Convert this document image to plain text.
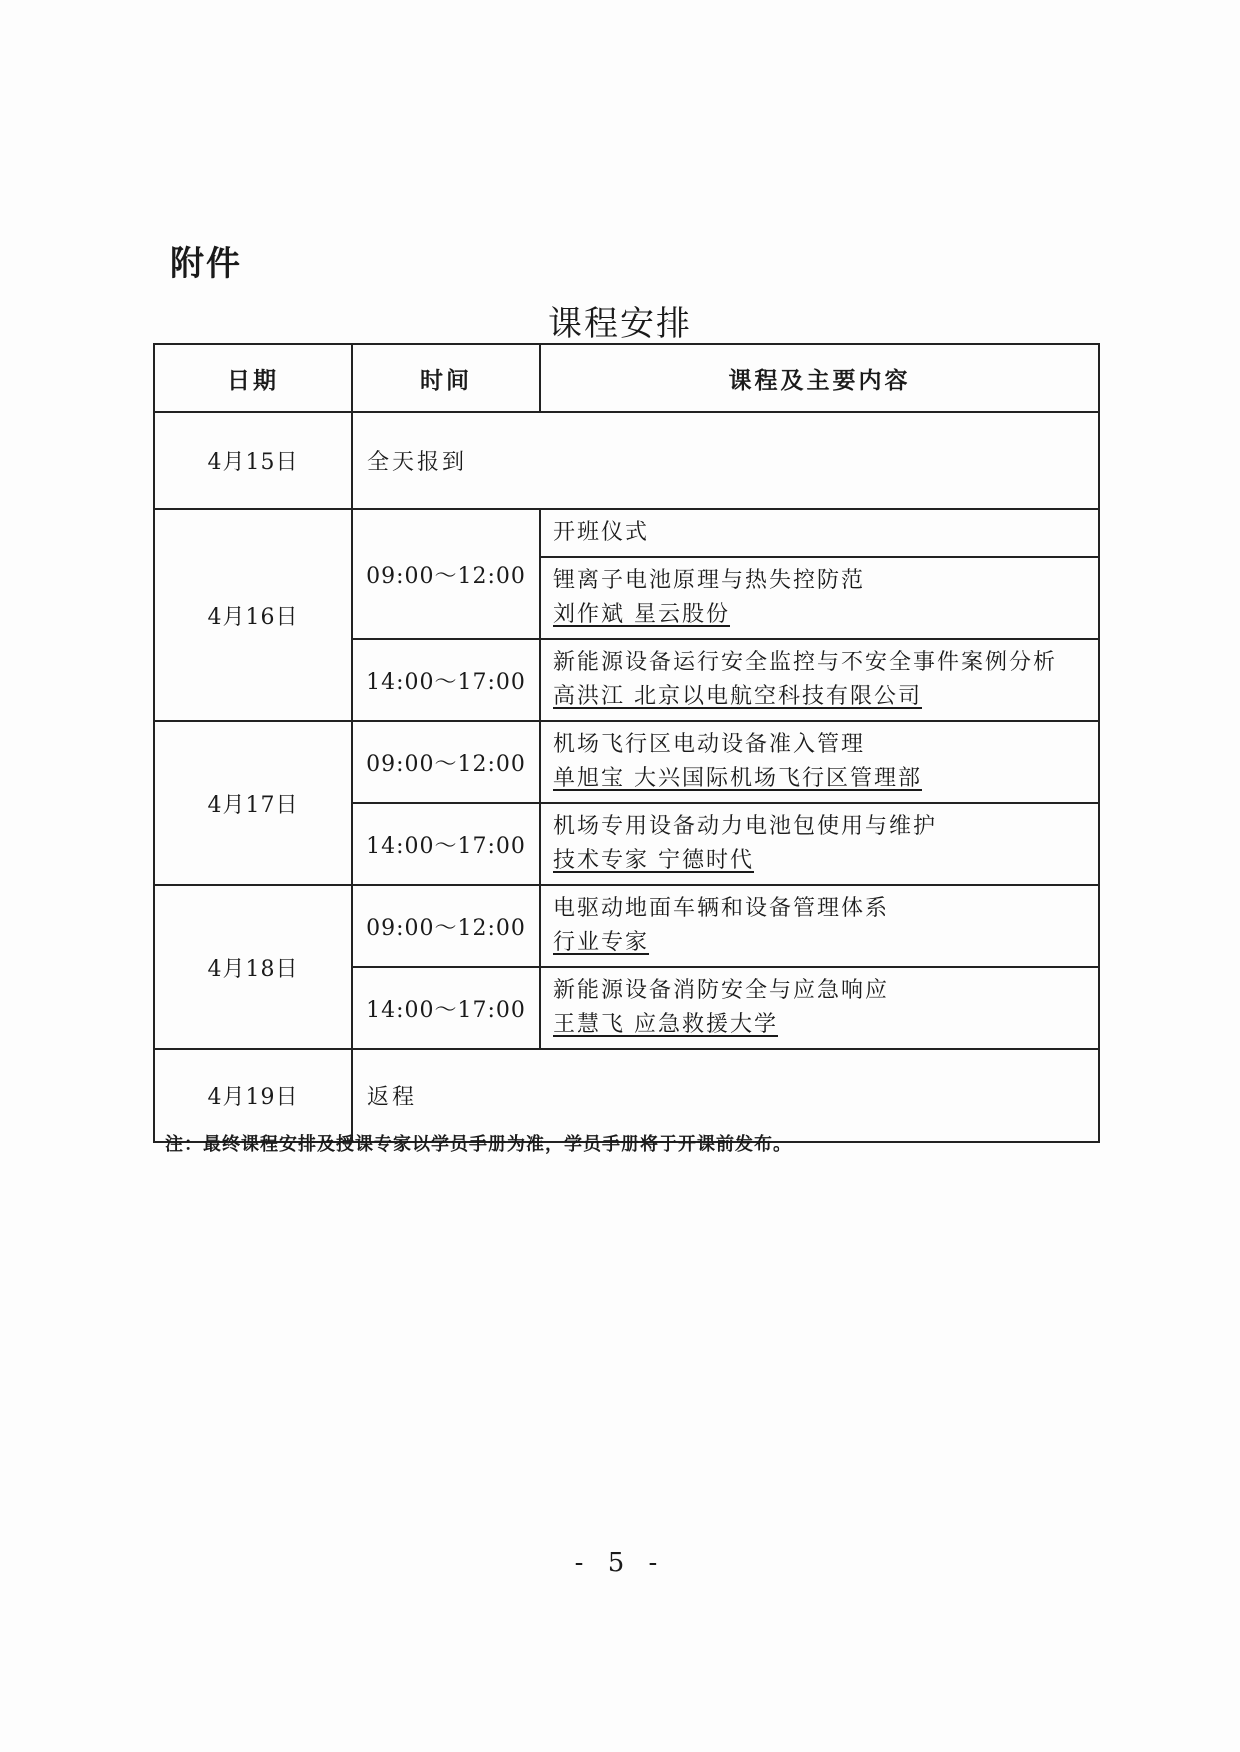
附件
课程安排
日期	时间	课程及主要内容
4月15日	全天报到	
4月16日	09:00～12:00	开班仪式

		锂离子电池原理与热失控防范
刘作斌 星云股份

	14:00～17:00	新能源设备运行安全监控与不安全事件案例分析
高洪江 北京以电航空科技有限公司

4月17日	09:00～12:00	机场飞行区电动设备准入管理
单旭宝 大兴国际机场飞行区管理部

	14:00～17:00	机场专用设备动力电池包使用与维护
技术专家 宁德时代

4月18日	09:00～12:00	电驱动地面车辆和设备管理体系
行业专家

	14:00～17:00	新能源设备消防安全与应急响应
王慧飞 应急救援大学

4月19日	返程	
注：最终课程安排及授课专家以学员手册为准，学员手册将于开课前发布。
- 5 -
